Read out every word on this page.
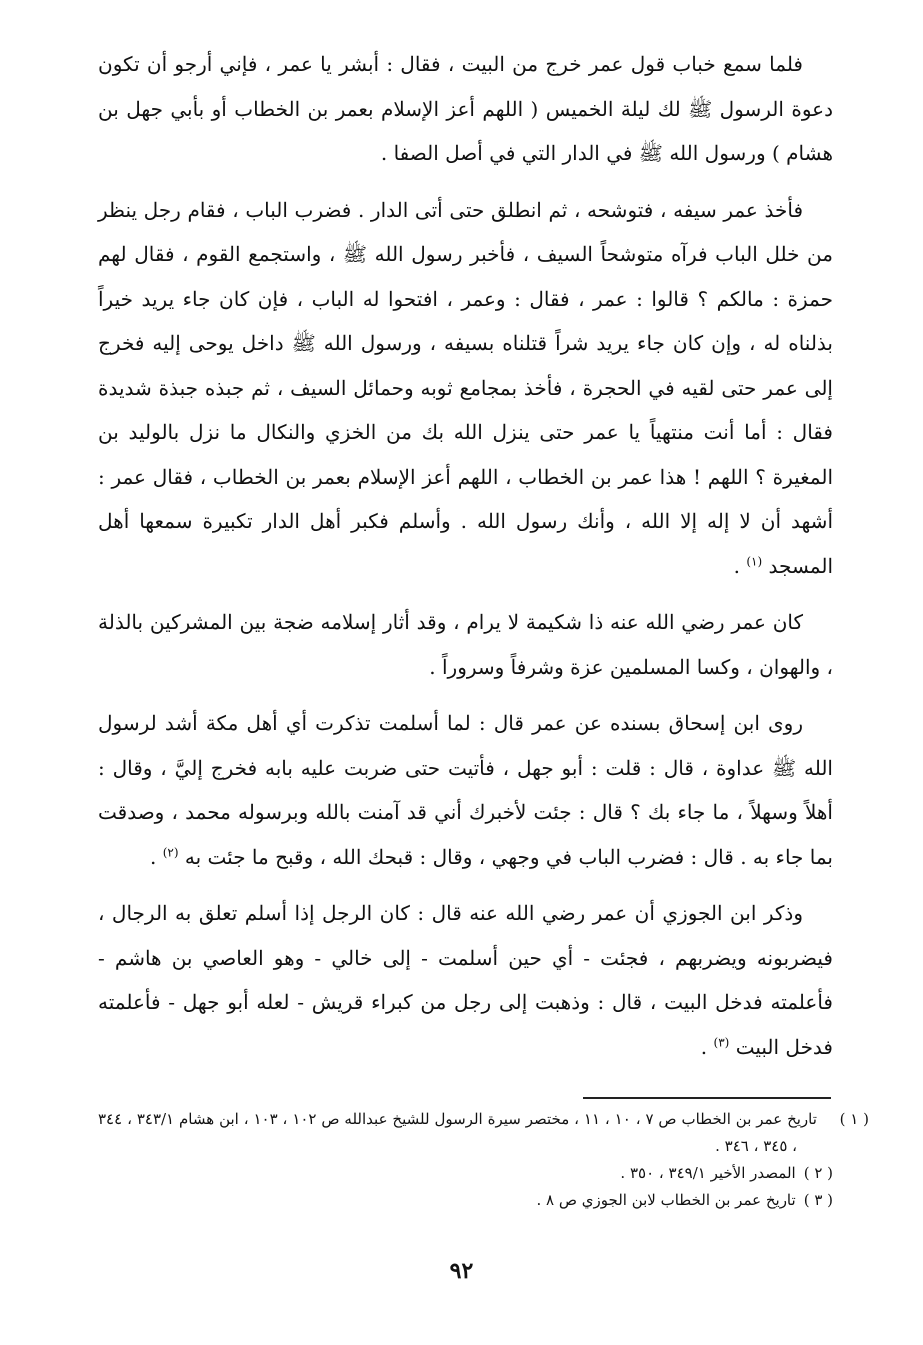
فلما سمع خباب قول عمر خرج من البيت ، فقال : أبشر يا عمر ، فإني أرجو أن تكون دعوة الرسول ﷺ لك ليلة الخميس ( اللهم أعز الإسلام بعمر بن الخطاب أو بأبي جهل بن هشام ) ورسول الله ﷺ في الدار التي في أصل الصفا .

فأخذ عمر سيفه ، فتوشحه ، ثم انطلق حتى أتى الدار . فضرب الباب ، فقام رجل ينظر من خلل الباب فرآه متوشحاً السيف ، فأخبر رسول الله ﷺ ، واستجمع القوم ، فقال لهم حمزة : مالكم ؟ قالوا : عمر ، فقال : وعمر ، افتحوا له الباب ، فإن كان جاء يريد خيراً بذلناه له ، وإن كان جاء يريد شراً قتلناه بسيفه ، ورسول الله ﷺ داخل يوحى إليه فخرج إلى عمر حتى لقيه في الحجرة ، فأخذ بمجامع ثوبه وحمائل السيف ، ثم جبذه جبذة شديدة فقال : أما أنت منتهياً يا عمر حتى ينزل الله بك من الخزي والنكال ما نزل بالوليد بن المغيرة ؟ اللهم ! هذا عمر بن الخطاب ، اللهم أعز الإسلام بعمر بن الخطاب ، فقال عمر : أشهد أن لا إله إلا الله ، وأنك رسول الله . وأسلم فكبر أهل الدار تكبيرة سمعها أهل المسجد $^{(١)}$ .

كان عمر رضي الله عنه ذا شكيمة لا يرام ، وقد أثار إسلامه ضجة بين المشركين بالذلة ، والهوان ، وكسا المسلمين عزة وشرفاً وسروراً .

روى ابن إسحاق بسنده عن عمر قال : لما أسلمت تذكرت أي أهل مكة أشد لرسول الله ﷺ عداوة ، قال : قلت : أبو جهل ، فأتيت حتى ضربت عليه بابه فخرج إليَّ ، وقال : أهلاً وسهلاً ، ما جاء بك ؟ قال : جئت لأخبرك أني قد آمنت بالله وبرسوله محمد ، وصدقت بما جاء به . قال : فضرب الباب في وجهي ، وقال : قبحك الله ، وقبح ما جئت به $^{(٢)}$ .

وذكر ابن الجوزي أن عمر رضي الله عنه قال : كان الرجل إذا أسلم تعلق به الرجال ، فيضربونه ويضربهم ، فجئت - أي حين أسلمت - إلى خالي - وهو العاصي بن هاشم - فأعلمته فدخل البيت ، قال : وذهبت إلى رجل من كبراء قريش - لعله أبو جهل - فأعلمته فدخل البيت $^{(٣)}$ .

( ١ )تاريخ عمر بن الخطاب ص ٧ ، ١٠ ، ١١ ، مختصر سيرة الرسول للشيخ عبدالله ص ١٠٢ ، ١٠٣ ، ابن هشام ٣٤٣/١ ، ٣٤٤ ، ٣٤٥ ، ٣٤٦ .

( ٢ )المصدر الأخير ٣٤٩/١ ، ٣٥٠ .

( ٣ )تاريخ عمر بن الخطاب لابن الجوزي ص ٨ .

٩٢
